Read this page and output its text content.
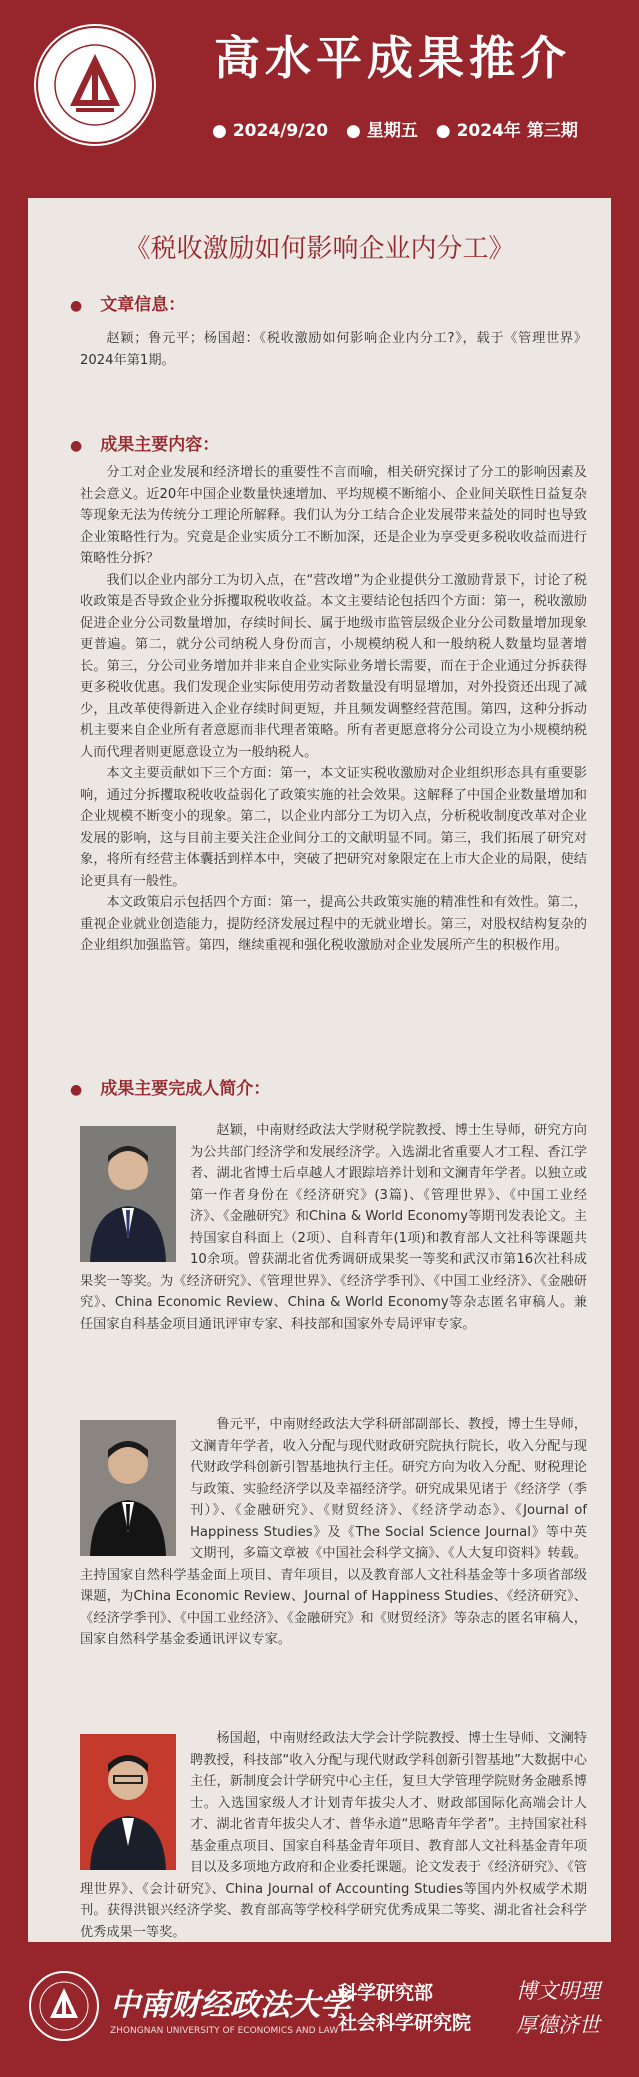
高水平成果推介
● 2024/9/20 ● 星期五 ● 2024年 第三期
《税收激励如何影响企业内分工》
● 文章信息：

赵颖；鲁元平；杨国超：《税收激励如何影响企业内分工?》，载于《管理世界》2024年第1期。

● 成果主要内容：

分工对企业发展和经济增长的重要性不言而喻，相关研究探讨了分工的影响因素及社会意义。近20年中国企业数量快速增加、平均规模不断缩小、企业间关联性日益复杂等现象无法为传统分工理论所解释。我们认为分工结合企业发展带来益处的同时也导致企业策略性行为。究竟是企业实质分工不断加深，还是企业为享受更多税收收益而进行策略性分拆？

我们以企业内部分工为切入点，在“营改增”为企业提供分工激励背景下，讨论了税收政策是否导致企业分拆攫取税收收益。本文主要结论包括四个方面：第一，税收激励促进企业分公司数量增加，存续时间长、属于地级市监管层级企业分公司数量增加现象更普遍。第二，就分公司纳税人身份而言，小规模纳税人和一般纳税人数量均显著增长。第三，分公司业务增加并非来自企业实际业务增长需要，而在于企业通过分拆获得更多税收优惠。我们发现企业实际使用劳动者数量没有明显增加，对外投资还出现了减少，且改革使得新进入企业存续时间更短，并且频发调整经营范围。第四，这种分拆动机主要来自企业所有者意愿而非代理者策略。所有者更愿意将分公司设立为小规模纳税人而代理者则更愿意设立为一般纳税人。

本文主要贡献如下三个方面：第一，本文证实税收激励对企业组织形态具有重要影响，通过分拆攫取税收收益弱化了政策实施的社会效果。这解释了中国企业数量增加和企业规模不断变小的现象。第二，以企业内部分工为切入点，分析税收制度改革对企业发展的影响，这与目前主要关注企业间分工的文献明显不同。第三，我们拓展了研究对象，将所有经营主体囊括到样本中，突破了把研究对象限定在上市大企业的局限，使结论更具有一般性。

本文政策启示包括四个方面：第一，提高公共政策实施的精准性和有效性。第二，重视企业就业创造能力，提防经济发展过程中的无就业增长。第三，对股权结构复杂的企业组织加强监管。第四，继续重视和强化税收激励对企业发展所产生的积极作用。

● 成果主要完成人简介：

赵颖，中南财经政法大学财税学院教授、博士生导师，研究方向为公共部门经济学和发展经济学。入选湖北省重要人才工程、香江学者、湖北省博士后卓越人才跟踪培养计划和文澜青年学者。以独立或第一作者身份在《经济研究》(3篇)、《管理世界》、《中国工业经济》、《金融研究》和China & World Economy等期刊发表论文。主持国家自科面上（2项）、自科青年(1项)和教育部人文社科等课题共10余项。曾获湖北省优秀调研成果奖一等奖和武汉市第16次社科成果奖一等奖。为《经济研究》、《管理世界》、《经济学季刊》、《中国工业经济》、《金融研究》、China Economic Review、China & World Economy等杂志匿名审稿人。兼任国家自科基金项目通讯评审专家、科技部和国家外专局评审专家。

鲁元平，中南财经政法大学科研部副部长、教授，博士生导师，文澜青年学者，收入分配与现代财政研究院执行院长，收入分配与现代财政学科创新引智基地执行主任。研究方向为收入分配、财税理论与政策、实验经济学以及幸福经济学。研究成果见诸于《经济学（季刊）》、《金融研究》、《财贸经济》、《经济学动态》、《Journal of Happiness Studies》及《The Social Science Journal》等中英文期刊，多篇文章被《中国社会科学文摘》、《人大复印资料》转载。主持国家自然科学基金面上项目、青年项目，以及教育部人文社科基金等十多项省部级课题，为China Economic Review、Journal of Happiness Studies、《经济研究》、《经济学季刊》、《中国工业经济》、《金融研究》和《财贸经济》等杂志的匿名审稿人，国家自然科学基金委通讯评议专家。

杨国超，中南财经政法大学会计学院教授、博士生导师、文澜特聘教授，科技部“收入分配与现代财政学科创新引智基地”大数据中心主任，新制度会计学研究中心主任，复旦大学管理学院财务金融系博士。入选国家级人才计划青年拔尖人才、财政部国际化高端会计人才、湖北省青年拔尖人才、普华永道“思略青年学者”。主持国家社科基金重点项目、国家自科基金青年项目、教育部人文社科基金青年项目以及多项地方政府和企业委托课题。论文发表于《经济研究》、《管理世界》、《会计研究》、China Journal of Accounting Studies等国内外权威学术期刊。获得洪银兴经济学奖、教育部高等学校科学研究优秀成果二等奖、湖北省社会科学优秀成果一等奖。

中南财经政法大学
ZHONGNAN UNIVERSITY OF ECONOMICS AND LAW
科学研究部
社会科学研究院
博文明理
厚德济世
